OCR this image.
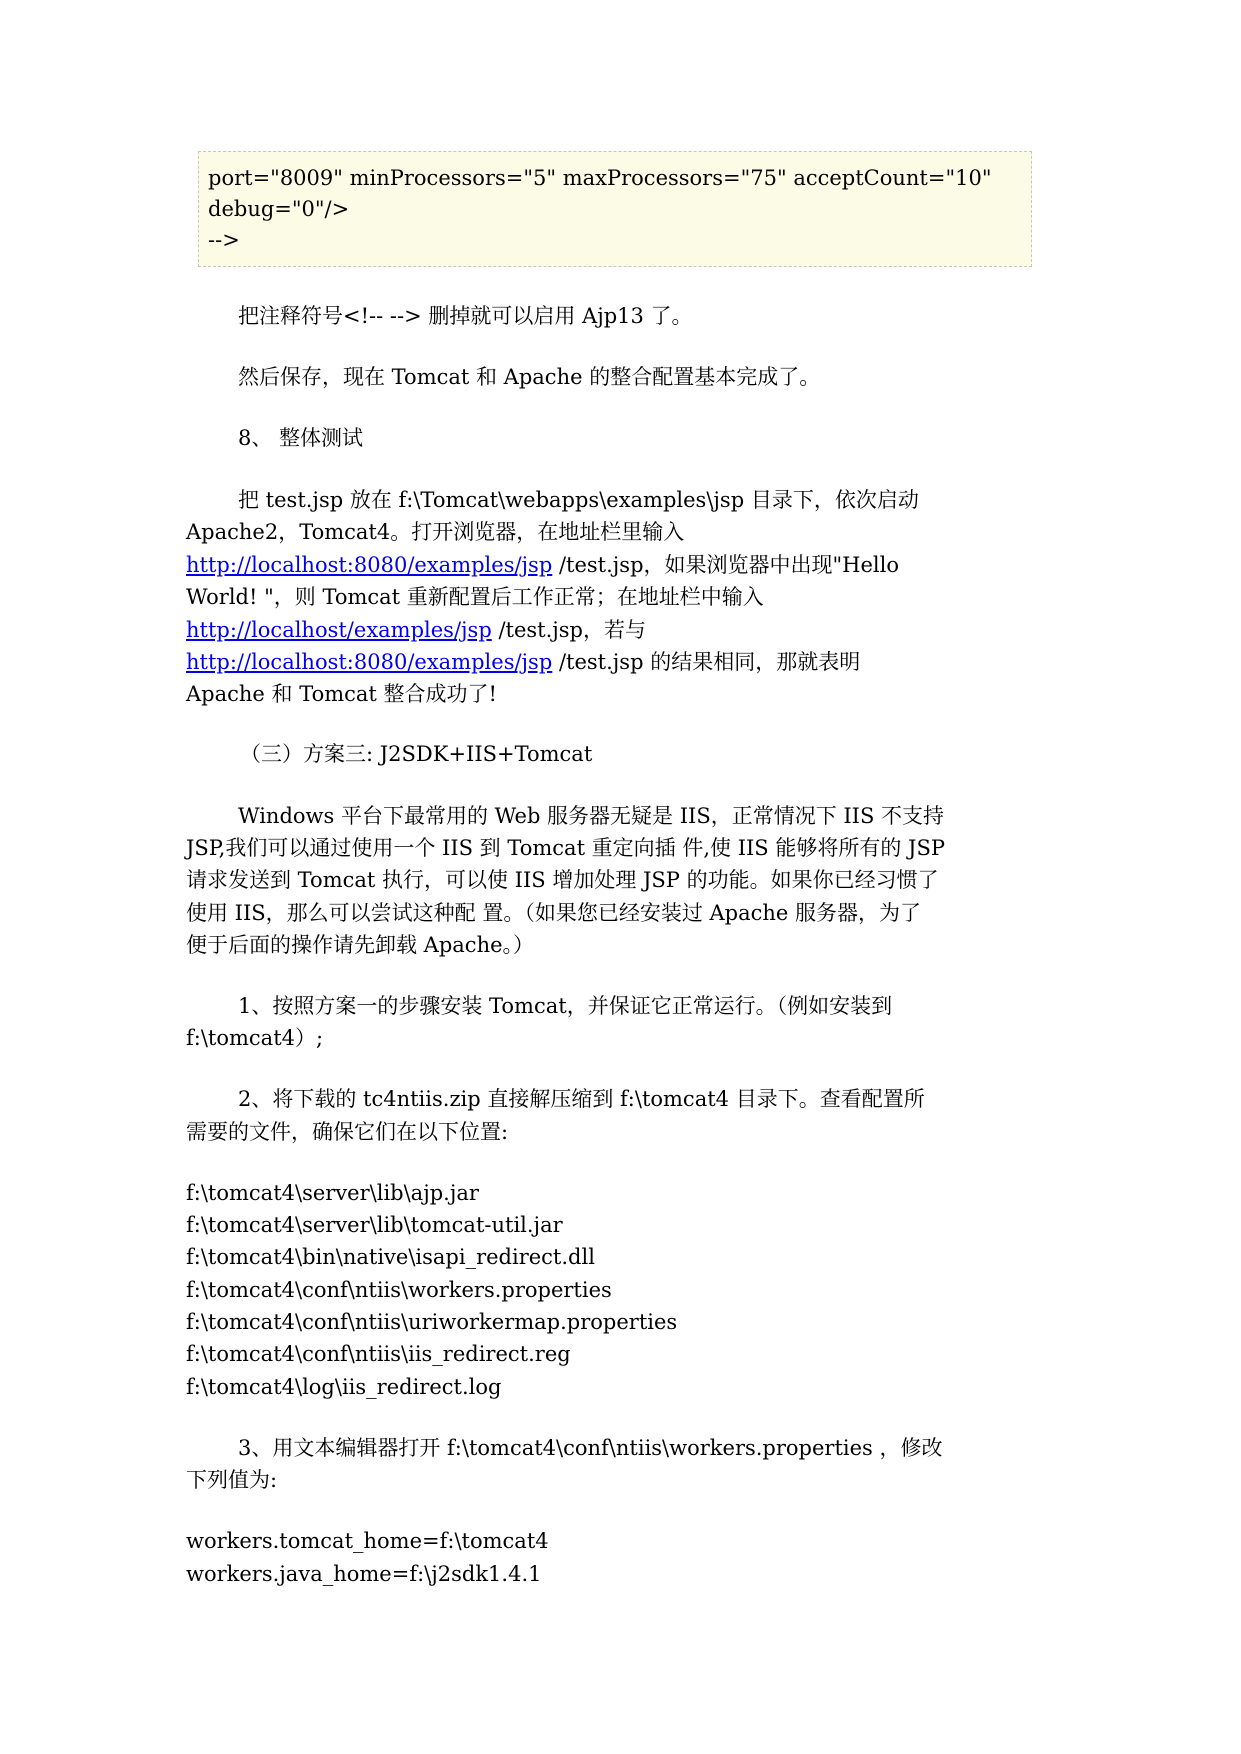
port="8009" minProcessors="5" maxProcessors="75" acceptCount="10"
debug="0"/>
-->
把注释符号<!-- --> 删掉就可以启用 Ajp13 了。
然后保存，现在 Tomcat 和 Apache 的整合配置基本完成了。
8、 整体测试
把 test.jsp 放在 f:\Tomcat\webapps\examples\jsp 目录下，依次启动
Apache2，Tomcat4。打开浏览器，在地址栏里输入
http://localhost:8080/examples/jsp /test.jsp，如果浏览器中出现"Hello
World! "，则 Tomcat 重新配置后工作正常；在地址栏中输入
http://localhost/examples/jsp /test.jsp，若与
http://localhost:8080/examples/jsp /test.jsp 的结果相同，那就表明
Apache 和 Tomcat 整合成功了!
（三）方案三: J2SDK+IIS+Tomcat
Windows 平台下最常用的 Web 服务器无疑是 IIS，正常情况下 IIS 不支持
JSP,我们可以通过使用一个 IIS 到 Tomcat 重定向插 件,使 IIS 能够将所有的 JSP
请求发送到 Tomcat 执行，可以使 IIS 增加处理 JSP 的功能。如果你已经习惯了
使用 IIS，那么可以尝试这种配 置。（如果您已经安装过 Apache 服务器，为了
便于后面的操作请先卸载 Apache。）
1、按照方案一的步骤安装 Tomcat，并保证它正常运行。（例如安装到
f:\tomcat4）;
2、将下载的 tc4ntiis.zip 直接解压缩到 f:\tomcat4 目录下。查看配置所
需要的文件，确保它们在以下位置:
f:\tomcat4\server\lib\ajp.jar
f:\tomcat4\server\lib\tomcat-util.jar
f:\tomcat4\bin\native\isapi_redirect.dll
f:\tomcat4\conf\ntiis\workers.properties
f:\tomcat4\conf\ntiis\uriworkermap.properties
f:\tomcat4\conf\ntiis\iis_redirect.reg
f:\tomcat4\log\iis_redirect.log
3、用文本编辑器打开 f:\tomcat4\conf\ntiis\workers.properties ，修改
下列值为:
workers.tomcat_home=f:\tomcat4
workers.java_home=f:\j2sdk1.4.1
